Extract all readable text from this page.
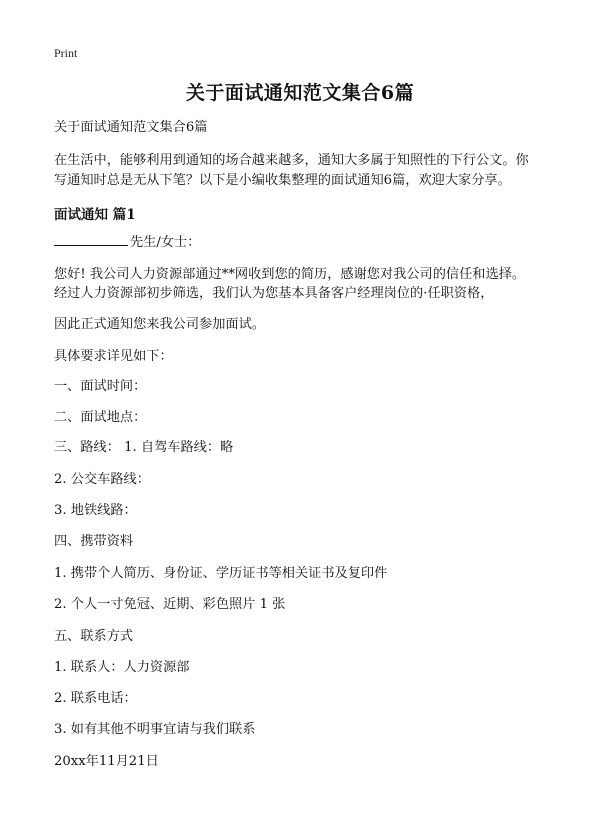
Print
关于面试通知范文集合6篇

关于面试通知范文集合6篇

在生活中，能够利用到通知的场合越来越多，通知大多属于知照性的下行公文。你

写通知时总是无从下笔？以下是小编收集整理的面试通知6篇，欢迎大家分享。

面试通知 篇1

先生/女士：

您好! 我公司人力资源部通过**网收到您的简历，感谢您对我公司的信任和选择。

经过人力资源部初步筛选，我们认为您基本具备客户经理岗位的·任职资格，

因此正式通知您来我公司参加面试。

具体要求详见如下：

一、面试时间：

二、面试地点：

三、路线： 1. 自驾车路线：略

2. 公交车路线：

3. 地铁线路：

四、携带资料

1. 携带个人简历、身份证、学历证书等相关证书及复印件

2. 个人一寸免冠、近期、彩色照片 1 张

五、联系方式

1. 联系人：人力资源部

2. 联系电话：

3. 如有其他不明事宜请与我们联系

20xx年11月21日
